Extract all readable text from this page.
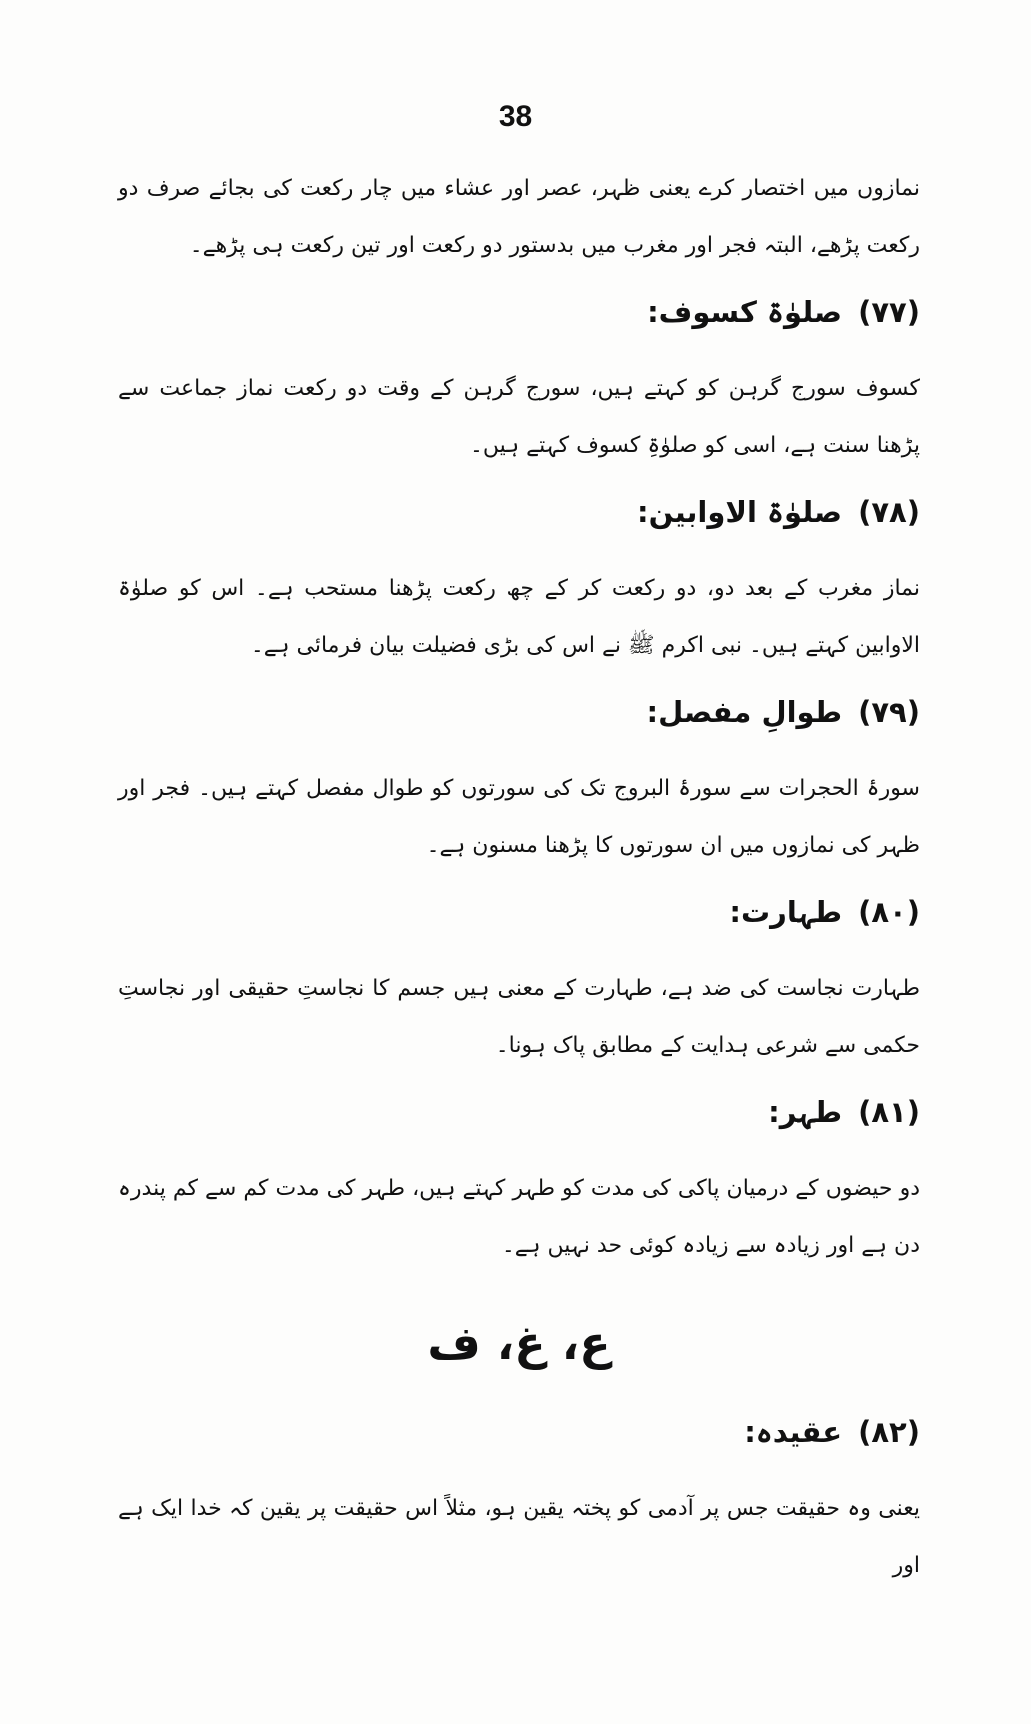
38

نمازوں میں اختصار کرے یعنی ظہر، عصر اور عشاء میں چار رکعت کی بجائے صرف دو رکعت پڑھے، البتہ فجر اور مغرب میں بدستور دو رکعت اور تین رکعت ہی پڑھے۔

(۷۷)صلوٰۃ کسوف:

کسوف سورج گرہن کو کہتے ہیں، سورج گرہن کے وقت دو رکعت نماز جماعت سے پڑھنا سنت ہے، اسی کو صلوٰۃِ کسوف کہتے ہیں۔

(۷۸)صلوٰۃ الاوابین:

نماز مغرب کے بعد دو، دو رکعت کر کے چھ رکعت پڑھنا مستحب ہے۔ اس کو صلوٰۃ الاوابین کہتے ہیں۔ نبی اکرم ﷺ نے اس کی بڑی فضیلت بیان فرمائی ہے۔

(۷۹)طوالِ مفصل:

سورۂ الحجرات سے سورۂ البروج تک کی سورتوں کو طوال مفصل کہتے ہیں۔ فجر اور ظہر کی نمازوں میں ان سورتوں کا پڑھنا مسنون ہے۔

(۸۰)طہارت:

طہارت نجاست کی ضد ہے، طہارت کے معنی ہیں جسم کا نجاستِ حقیقی اور نجاستِ حکمی سے شرعی ہدایت کے مطابق پاک ہونا۔

(۸۱)طہر:

دو حیضوں کے درمیان پاکی کی مدت کو طہر کہتے ہیں، طہر کی مدت کم سے کم پندرہ دن ہے اور زیادہ سے زیادہ کوئی حد نہیں ہے۔

ع، غ، ف
(۸۲)عقیدہ:

یعنی وہ حقیقت جس پر آدمی کو پختہ یقین ہو، مثلاً اس حقیقت پر یقین کہ خدا ایک ہے اور
